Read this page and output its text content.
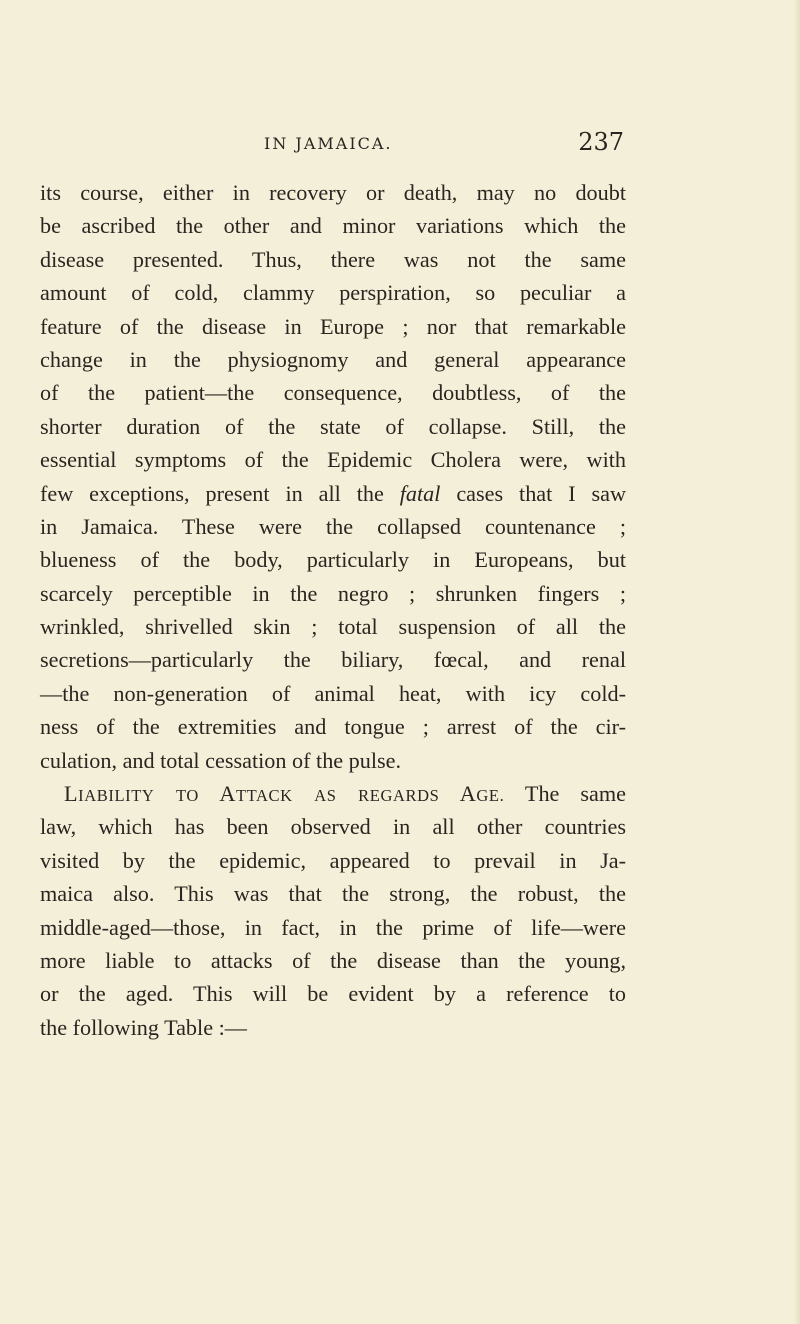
IN JAMAICA.	237
its course, either in recovery or death, may no doubt
be ascribed the other and minor variations which the
disease presented. Thus, there was not the same
amount of cold, clammy perspiration, so peculiar a
feature of the disease in Europe ; nor that remarkable
change in the physiognomy and general appearance
of the patient—the consequence, doubtless, of the
shorter duration of the state of collapse. Still, the
essential symptoms of the Epidemic Cholera were, with
few exceptions, present in all the fatal cases that I saw
in Jamaica. These were the collapsed countenance ;
blueness of the body, particularly in Europeans, but
scarcely perceptible in the negro ; shrunken fingers ;
wrinkled, shrivelled skin ; total suspension of all the
secretions—particularly the biliary, fœcal, and renal
—the non-generation of animal heat, with icy cold-
ness of the extremities and tongue ; arrest of the cir-
culation, and total cessation of the pulse.
LIABILITY TO ATTACK AS REGARDS AGE. The same
law, which has been observed in all other countries
visited by the epidemic, appeared to prevail in Ja-
maica also. This was that the strong, the robust, the
middle-aged—those, in fact, in the prime of life—were
more liable to attacks of the disease than the young,
or the aged. This will be evident by a reference to
the following Table :—
